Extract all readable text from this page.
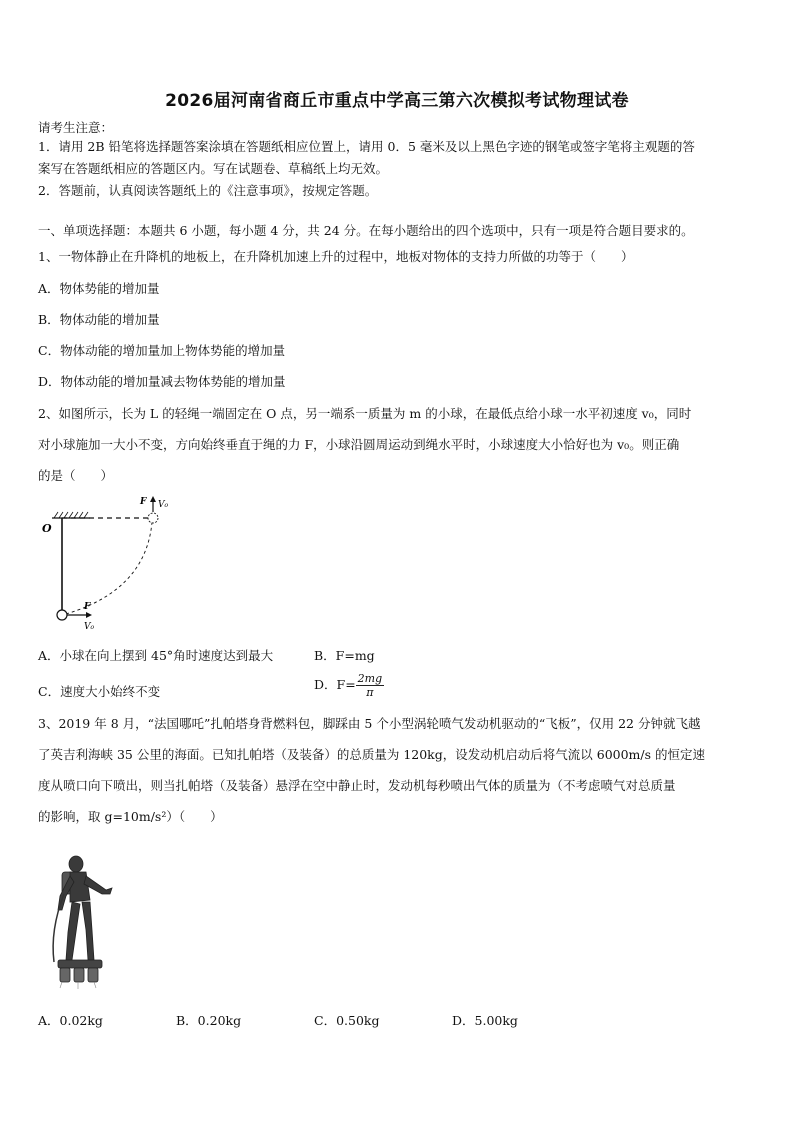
2026届河南省商丘市重点中学高三第六次模拟考试物理试卷
请考生注意：
1．请用 2B 铅笔将选择题答案涂填在答题纸相应位置上，请用 0．5 毫米及以上黑色字迹的钢笔或签字笔将主观题的答
案写在答题纸相应的答题区内。写在试题卷、草稿纸上均无效。
2．答题前，认真阅读答题纸上的《注意事项》，按规定答题。
一、单项选择题：本题共 6 小题，每小题 4 分，共 24 分。在每小题给出的四个选项中，只有一项是符合题目要求的。
1、一物体静止在升降机的地板上，在升降机加速上升的过程中，地板对物体的支持力所做的功等于（　　）
A．物体势能的增加量
B．物体动能的增加量
C．物体动能的增加量加上物体势能的增加量
D．物体动能的增加量减去物体势能的增加量
2、如图所示，长为 L 的轻绳一端固定在 O 点，另一端系一质量为 m 的小球，在最低点给小球一水平初速度 v₀，同时
对小球施加一大小不变，方向始终垂直于绳的力 F，小球沿圆周运动到绳水平时，小球速度大小恰好也为 v₀。则正确
的是（　　）
O
F V₀
F
V₀
A．小球在向上摆到 45°角时速度达到最大	B．F=mg
C．速度大小始终不变	D．$F= \frac{2mg}{\pi}$
3、2019 年 8 月，“法国哪吒”扎帕塔身背燃料包，脚踩由 5 个小型涡轮喷气发动机驱动的“飞板”，仅用 22 分钟就飞越
了英吉利海峡 35 公里的海面。已知扎帕塔（及装备）的总质量为 120kg，设发动机启动后将气流以 6000m/s 的恒定速
度从喷口向下喷出，则当扎帕塔（及装备）悬浮在空中静止时，发动机每秒喷出气体的质量为（不考虑喷气对总质量
的影响，取 g=10m/s²）（　　）
A．0.02kg	B．0.20kg	C．0.50kg	D．5.00kg
